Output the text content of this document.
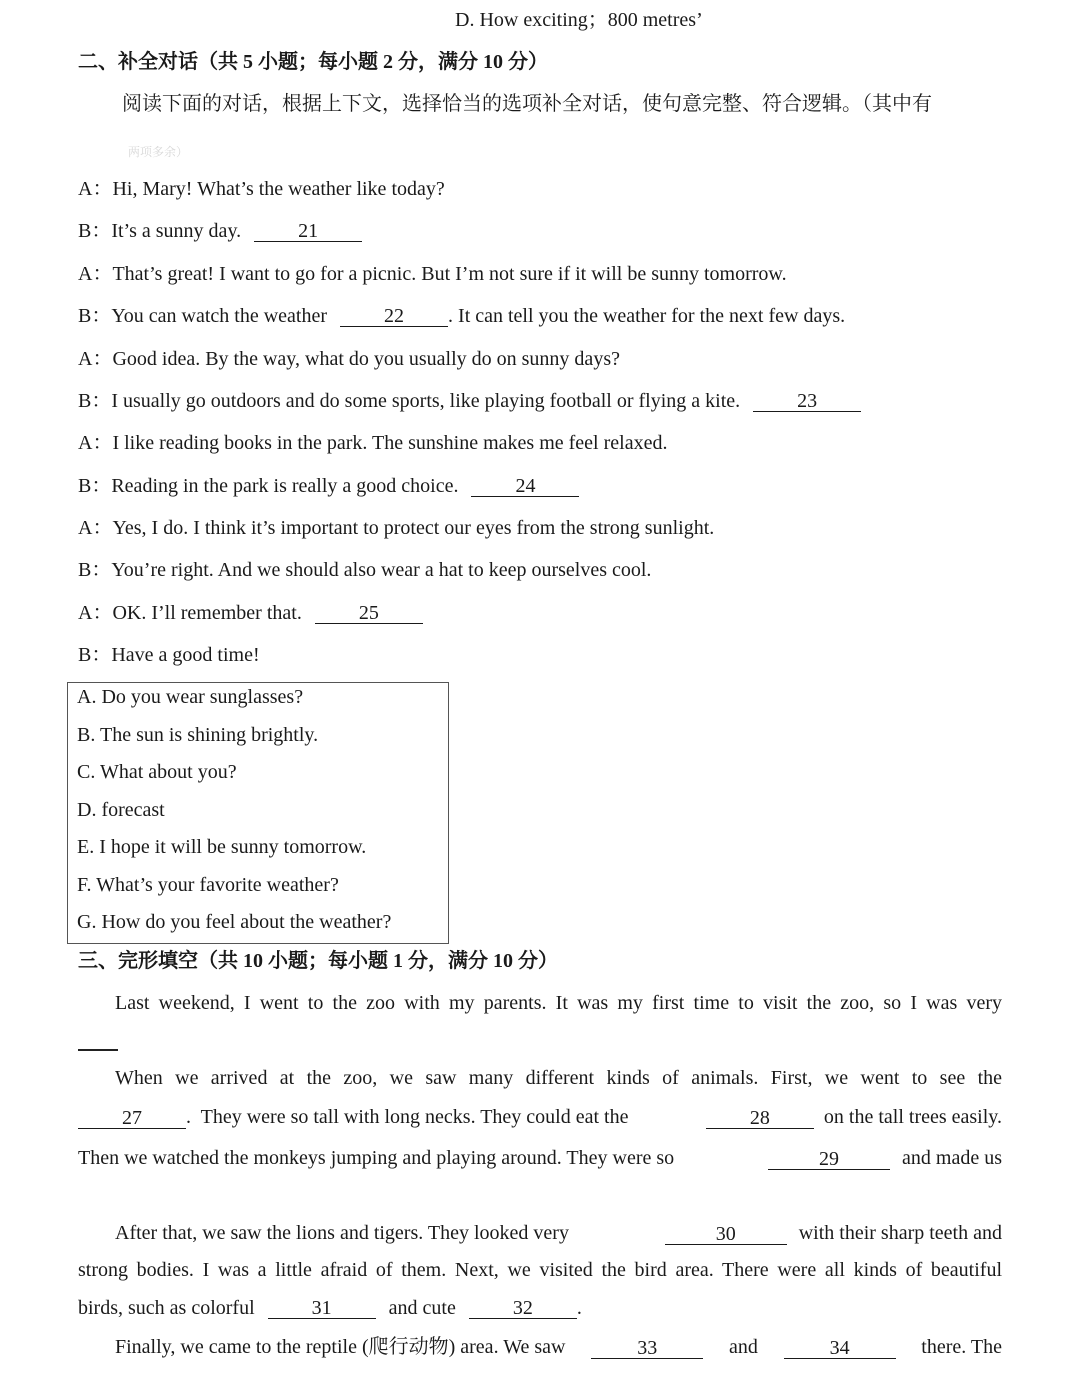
D. How exciting；800 metres’
二、补全对话（共 5 小题；每小题 2 分，满分 10 分）
阅读下面的对话，根据上下文，选择恰当的选项补全对话，使句意完整、符合逻辑。（其中有
两项多余）
A：Hi, Mary! What’s the weather like today?
B：It’s a sunny day.	21
A：That’s great! I want to go for a picnic. But I’m not sure if it will be sunny tomorrow.
B：You can watch the weather	22 . It can tell you the weather for the next few days.
A：Good idea. By the way, what do you usually do on sunny days?
B：I usually go outdoors and do some sports, like playing football or flying a kite.	23
A：I like reading books in the park. The sunshine makes me feel relaxed.
B：Reading in the park is really a good choice.	24
A：Yes, I do. I think it’s important to protect our eyes from the strong sunlight.
B：You’re right. And we should also wear a hat to keep ourselves cool.
A：OK. I’ll remember that.	25
B：Have a good time!
A. Do you wear sunglasses?
B. The sun is shining brightly.
C. What about you?
D. forecast
E. I hope it will be sunny tomorrow.
F. What’s your favorite weather?
G. How do you feel about the weather?
三、完形填空（共 10 小题；每小题 1 分，满分 10 分）
Last weekend, I went to the zoo with my parents. It was my first time to visit the zoo, so I was very
When we arrived at the zoo, we saw many different kinds of animals. First, we went to see the
27	.  They were so tall with long necks. They could eat the	28	on the tall trees easily.
Then we watched the monkeys jumping and playing around. They were so	29	and made us
After that, we saw the lions and tigers. They looked very	30	with their sharp teeth and
strong bodies. I was a little afraid of them. Next, we visited the bird area. There were all kinds of beautiful
birds, such as colorful	31	and cute	32 .
Finally, we came to the reptile (爬行动物) area. We saw	33	and	34	there. The
